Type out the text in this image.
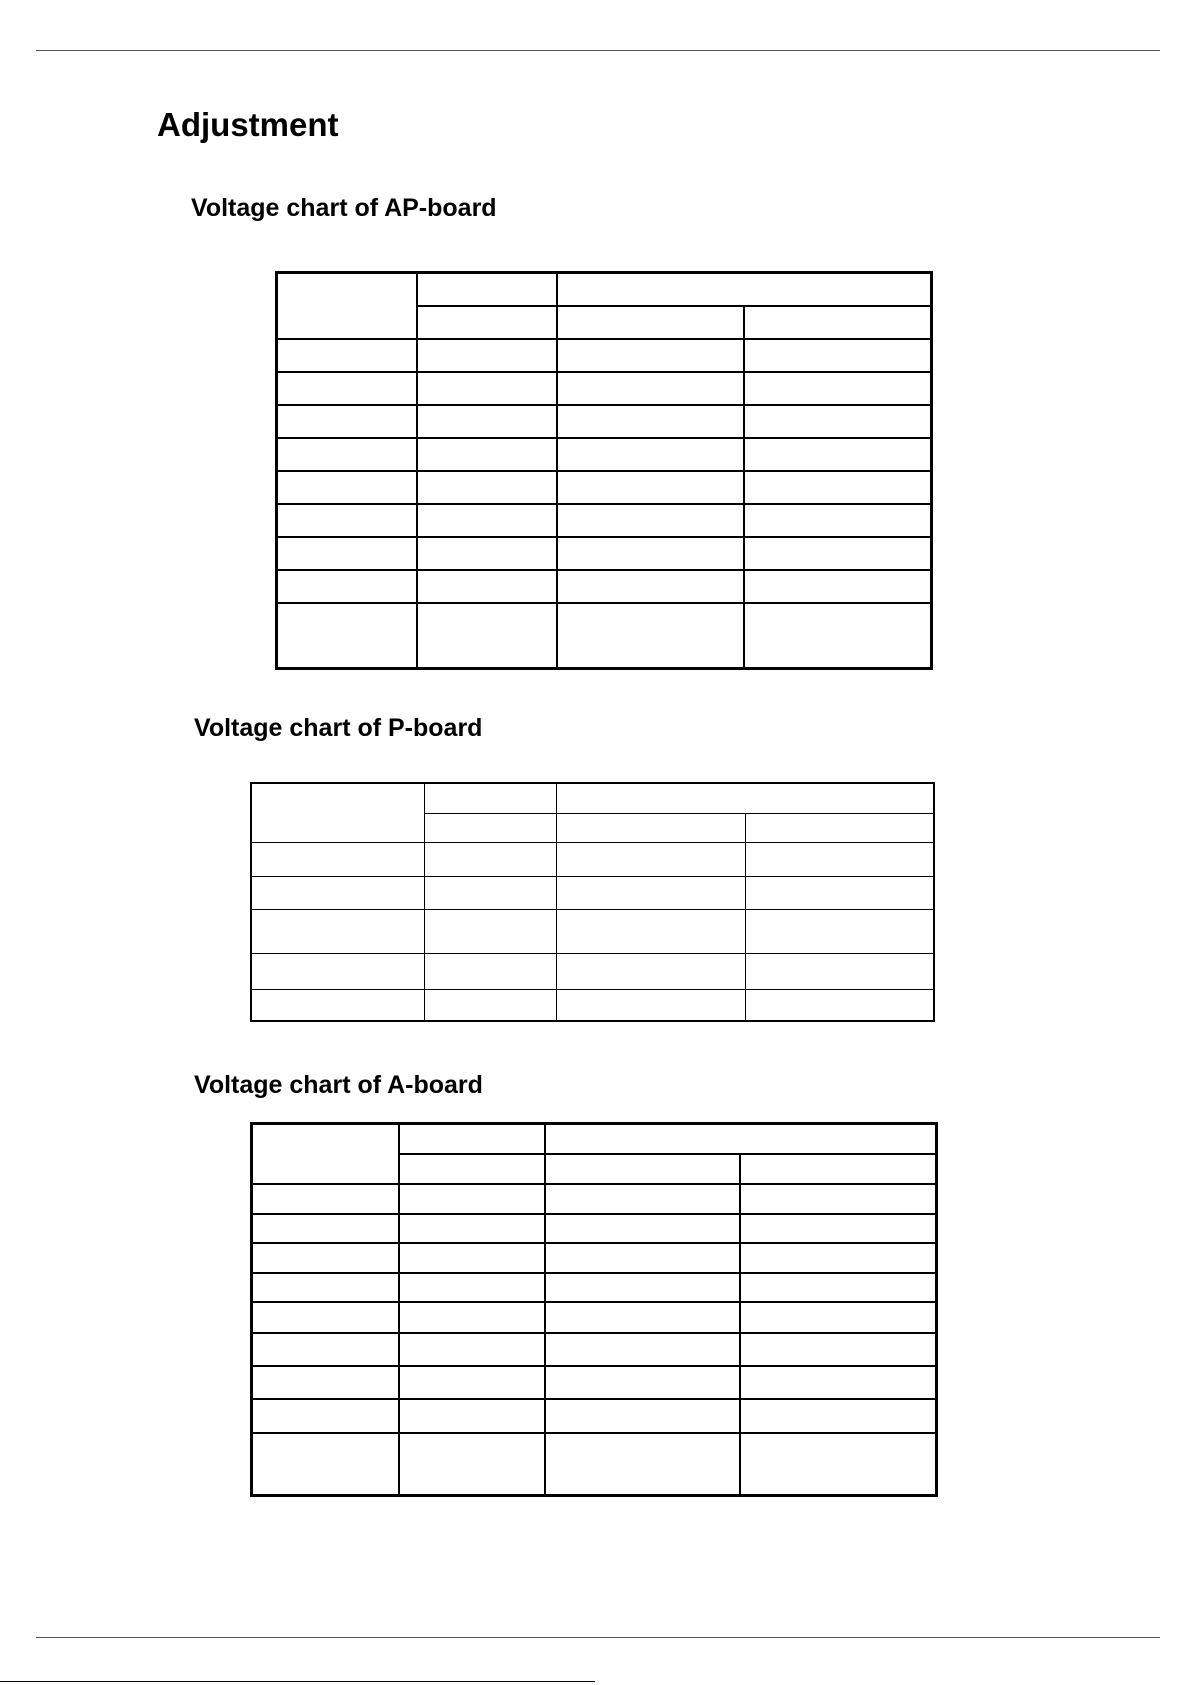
Adjustment
Voltage chart of AP-board

Voltage chart of P-board

Voltage chart of A-board
